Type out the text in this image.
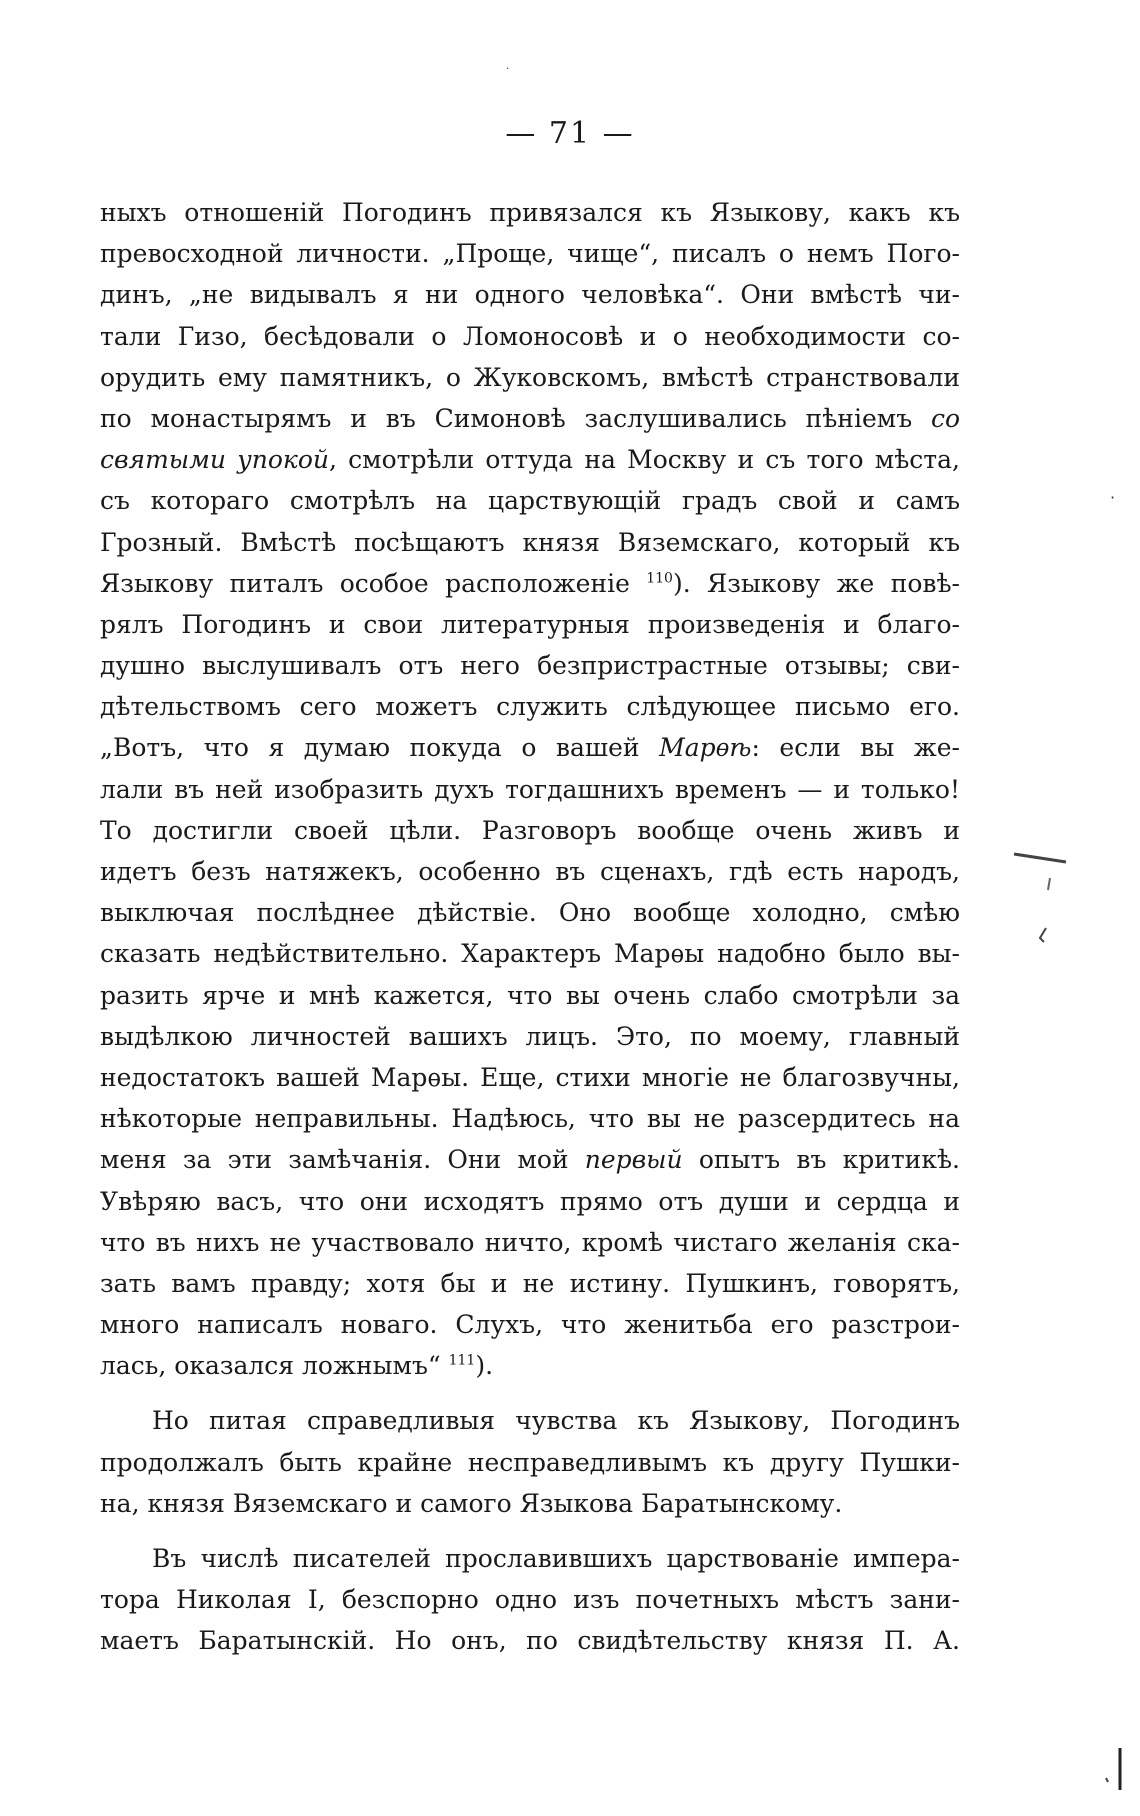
— 71 —
ныхъ отношеній Погодинъ привязался къ Языкову, какъ къ
превосходной личности. „Проще, чище“, писалъ о немъ Пого-
динъ, „не видывалъ я ни одного человѣка“. Они вмѣстѣ чи-
тали Гизо, бесѣдовали о Ломоносовѣ и о необходимости со-
орудить ему памятникъ, о Жуковскомъ, вмѣстѣ странствовали
по монастырямъ и въ Симоновѣ заслушивались пѣніемъ со
святыми упокой, смотрѣли оттуда на Москву и съ того мѣста,
съ котораго смотрѣлъ на царствующій градъ свой и самъ
Грозный. Вмѣстѣ посѣщаютъ князя Вяземскаго, который къ
Языкову питалъ особое расположеніе $^{110}$). Языкову же повѣ-
рялъ Погодинъ и свои литературныя произведенія и благо-
душно выслушивалъ отъ него безпристрастные отзывы; сви-
дѣтельствомъ сего можетъ служить слѣдующее письмо его.
„Вотъ, что я думаю покуда о вашей Марѳѣ: если вы же-
лали въ ней изобразить духъ тогдашнихъ временъ — и только!
То достигли своей цѣли. Разговоръ вообще очень живъ и
идетъ безъ натяжекъ, особенно въ сценахъ, гдѣ есть народъ,
выключая послѣднее дѣйствіе. Оно вообще холодно, смѣю
сказать недѣйствительно. Характеръ Марѳы надобно было вы-
разить ярче и мнѣ кажется, что вы очень слабо смотрѣли за
выдѣлкою личностей вашихъ лицъ. Это, по моему, главный
недостатокъ вашей Марѳы. Еще, стихи многіе не благозвучны,
нѣкоторые неправильны. Надѣюсь, что вы не разсердитесь на
меня за эти замѣчанія. Они мой первый опытъ въ критикѣ.
Увѣряю васъ, что они исходятъ прямо отъ души и сердца и
что въ нихъ не участвовало ничто, кромѣ чистаго желанія ска-
зать вамъ правду; хотя бы и не истину. Пушкинъ, говорятъ,
много написалъ новаго. Слухъ, что женитьба его разстрои-
лась, оказался ложнымъ“ $^{111}$).
Но питая справедливыя чувства къ Языкову, Погодинъ
продолжалъ быть крайне несправедливымъ къ другу Пушки-
на, князя Вяземскаго и самого Языкова Баратынскому.
Въ числѣ писателей прославившихъ царствованіе импера-
тора Николая I, безспорно одно изъ почетныхъ мѣстъ зани-
маетъ Баратынскій. Но онъ, по свидѣтельству князя П. А.
·
·
